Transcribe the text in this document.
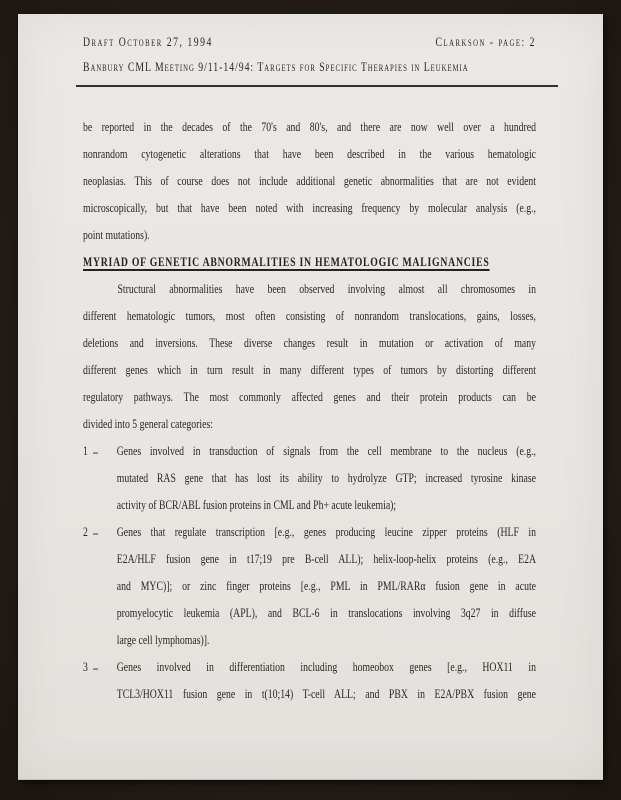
Draft October 27, 1994	Clarkson - page: 2
Banbury CML Meeting 9/11-14/94: Targets for Specific Therapies in Leukemia
be reported in the decades of the 70's and 80's, and there are now well over a hundred
nonrandom cytogenetic alterations that have been described in the various hematologic
neoplasias. This of course does not include additional genetic abnormalities that are not evident
microscopically, but that have been noted with increasing frequency by molecular analysis (e.g.,
point mutations).
MYRIAD OF GENETIC ABNORMALITIES IN HEMATOLOGIC MALIGNANCIES
Structural abnormalities have been observed involving almost all chromosomes in
different hematologic tumors, most often consisting of nonrandom translocations, gains, losses,
deletions and inversions. These diverse changes result in mutation or activation of many
different genes which in turn result in many different types of tumors by distorting different
regulatory pathways. The most commonly affected genes and their protein products can be
divided into 5 general categories:
1 – Genes involved in transduction of signals from the cell membrane to the nucleus (e.g.,
mutated RAS gene that has lost its ability to hydrolyze GTP; increased tyrosine kinase
activity of BCR/ABL fusion proteins in CML and Ph+ acute leukemia);
2 – Genes that regulate transcription [e.g., genes producing leucine zipper proteins (HLF in
E2A/HLF fusion gene in t17;19 pre B-cell ALL); helix-loop-helix proteins (e.g., E2A
and MYC)]; or zinc finger proteins [e.g., PML in PML/RARα fusion gene in acute
promyelocytic leukemia (APL), and BCL-6 in translocations involving 3q27 in diffuse
large cell lymphomas)].
3 – Genes involved in differentiation including homeobox genes [e.g., HOX11 in
TCL3/HOX11 fusion gene in t(10;14) T-cell ALL; and PBX in E2A/PBX fusion gene
